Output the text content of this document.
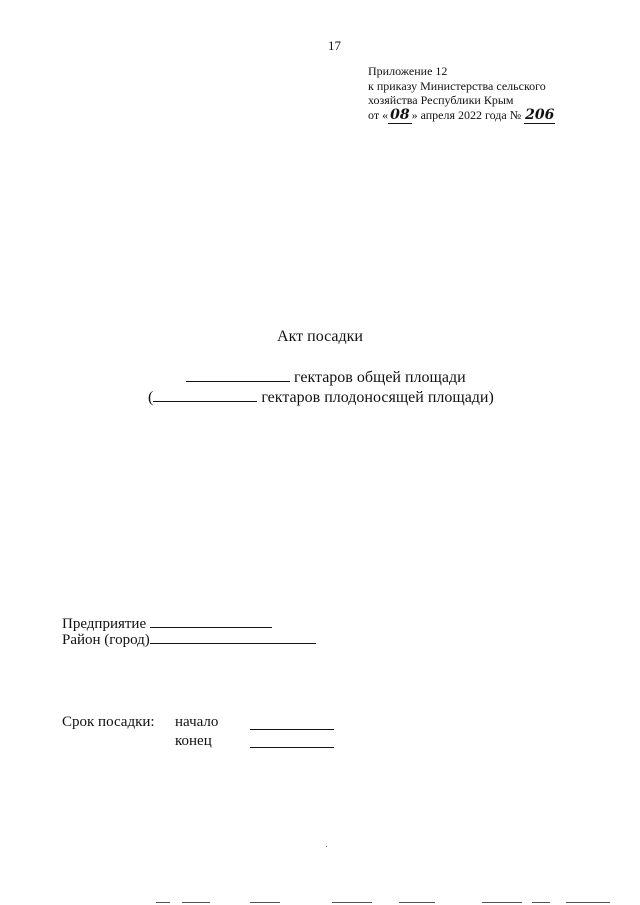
17
Приложение 12
к приказу Министерства сельского
хозяйства Республики Крым
от « 08 » апреля 2022 года № 206
Акт посадки
гектаров общей площади
(	гектаров плодоносящей площади)
Предприятие
Район (город)
Срок посадки: начало
конец
